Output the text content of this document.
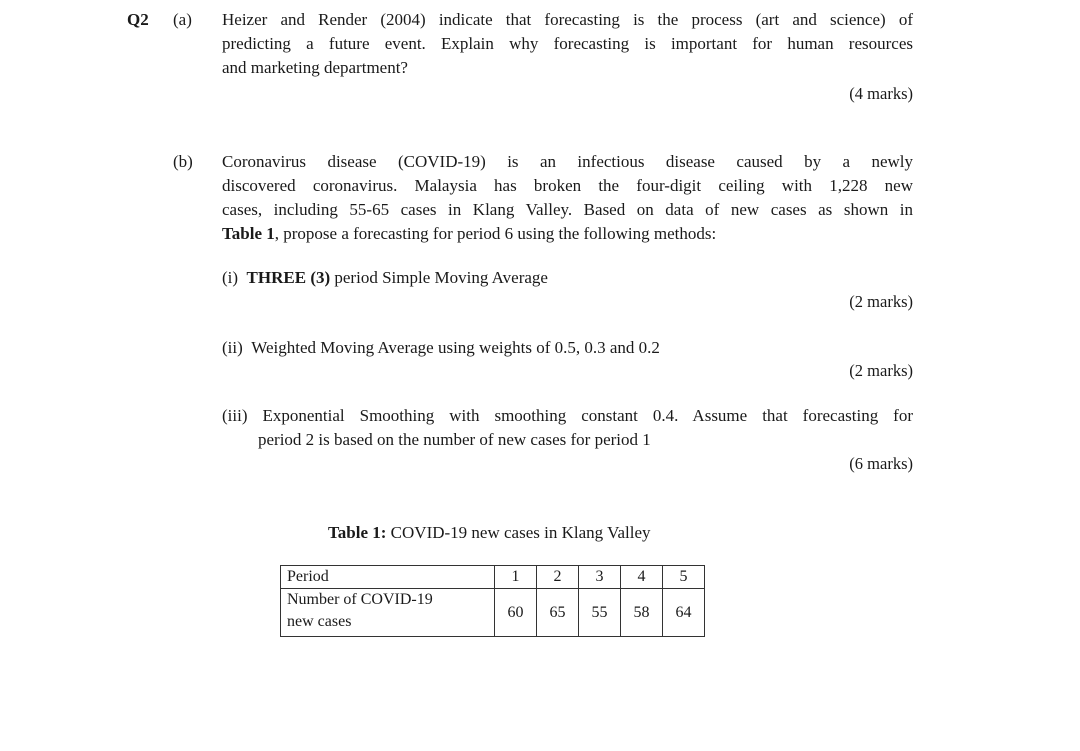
Q2 (a) Heizer and Render (2004) indicate that forecasting is the process (art and science) of
predicting a future event. Explain why forecasting is important for human resources
and marketing department?
(4 marks)
(b) Coronavirus disease (COVID-19) is an infectious disease caused by a newly
discovered coronavirus. Malaysia has broken the four-digit ceiling with 1,228 new
cases, including 55-65 cases in Klang Valley. Based on data of new cases as shown in
Table 1, propose a forecasting for period 6 using the following methods:
(i) THREE (3) period Simple Moving Average
(2 marks)
(ii) Weighted Moving Average using weights of 0.5, 0.3 and 0.2
(2 marks)
(iii) Exponential Smoothing with smoothing constant 0.4. Assume that forecasting for
period 2 is based on the number of new cases for period 1
(6 marks)
Table 1: COVID-19 new cases in Klang Valley
Period	1	2	3	4	5

Number of COVID-19
new cases	60	65	55	58	64
